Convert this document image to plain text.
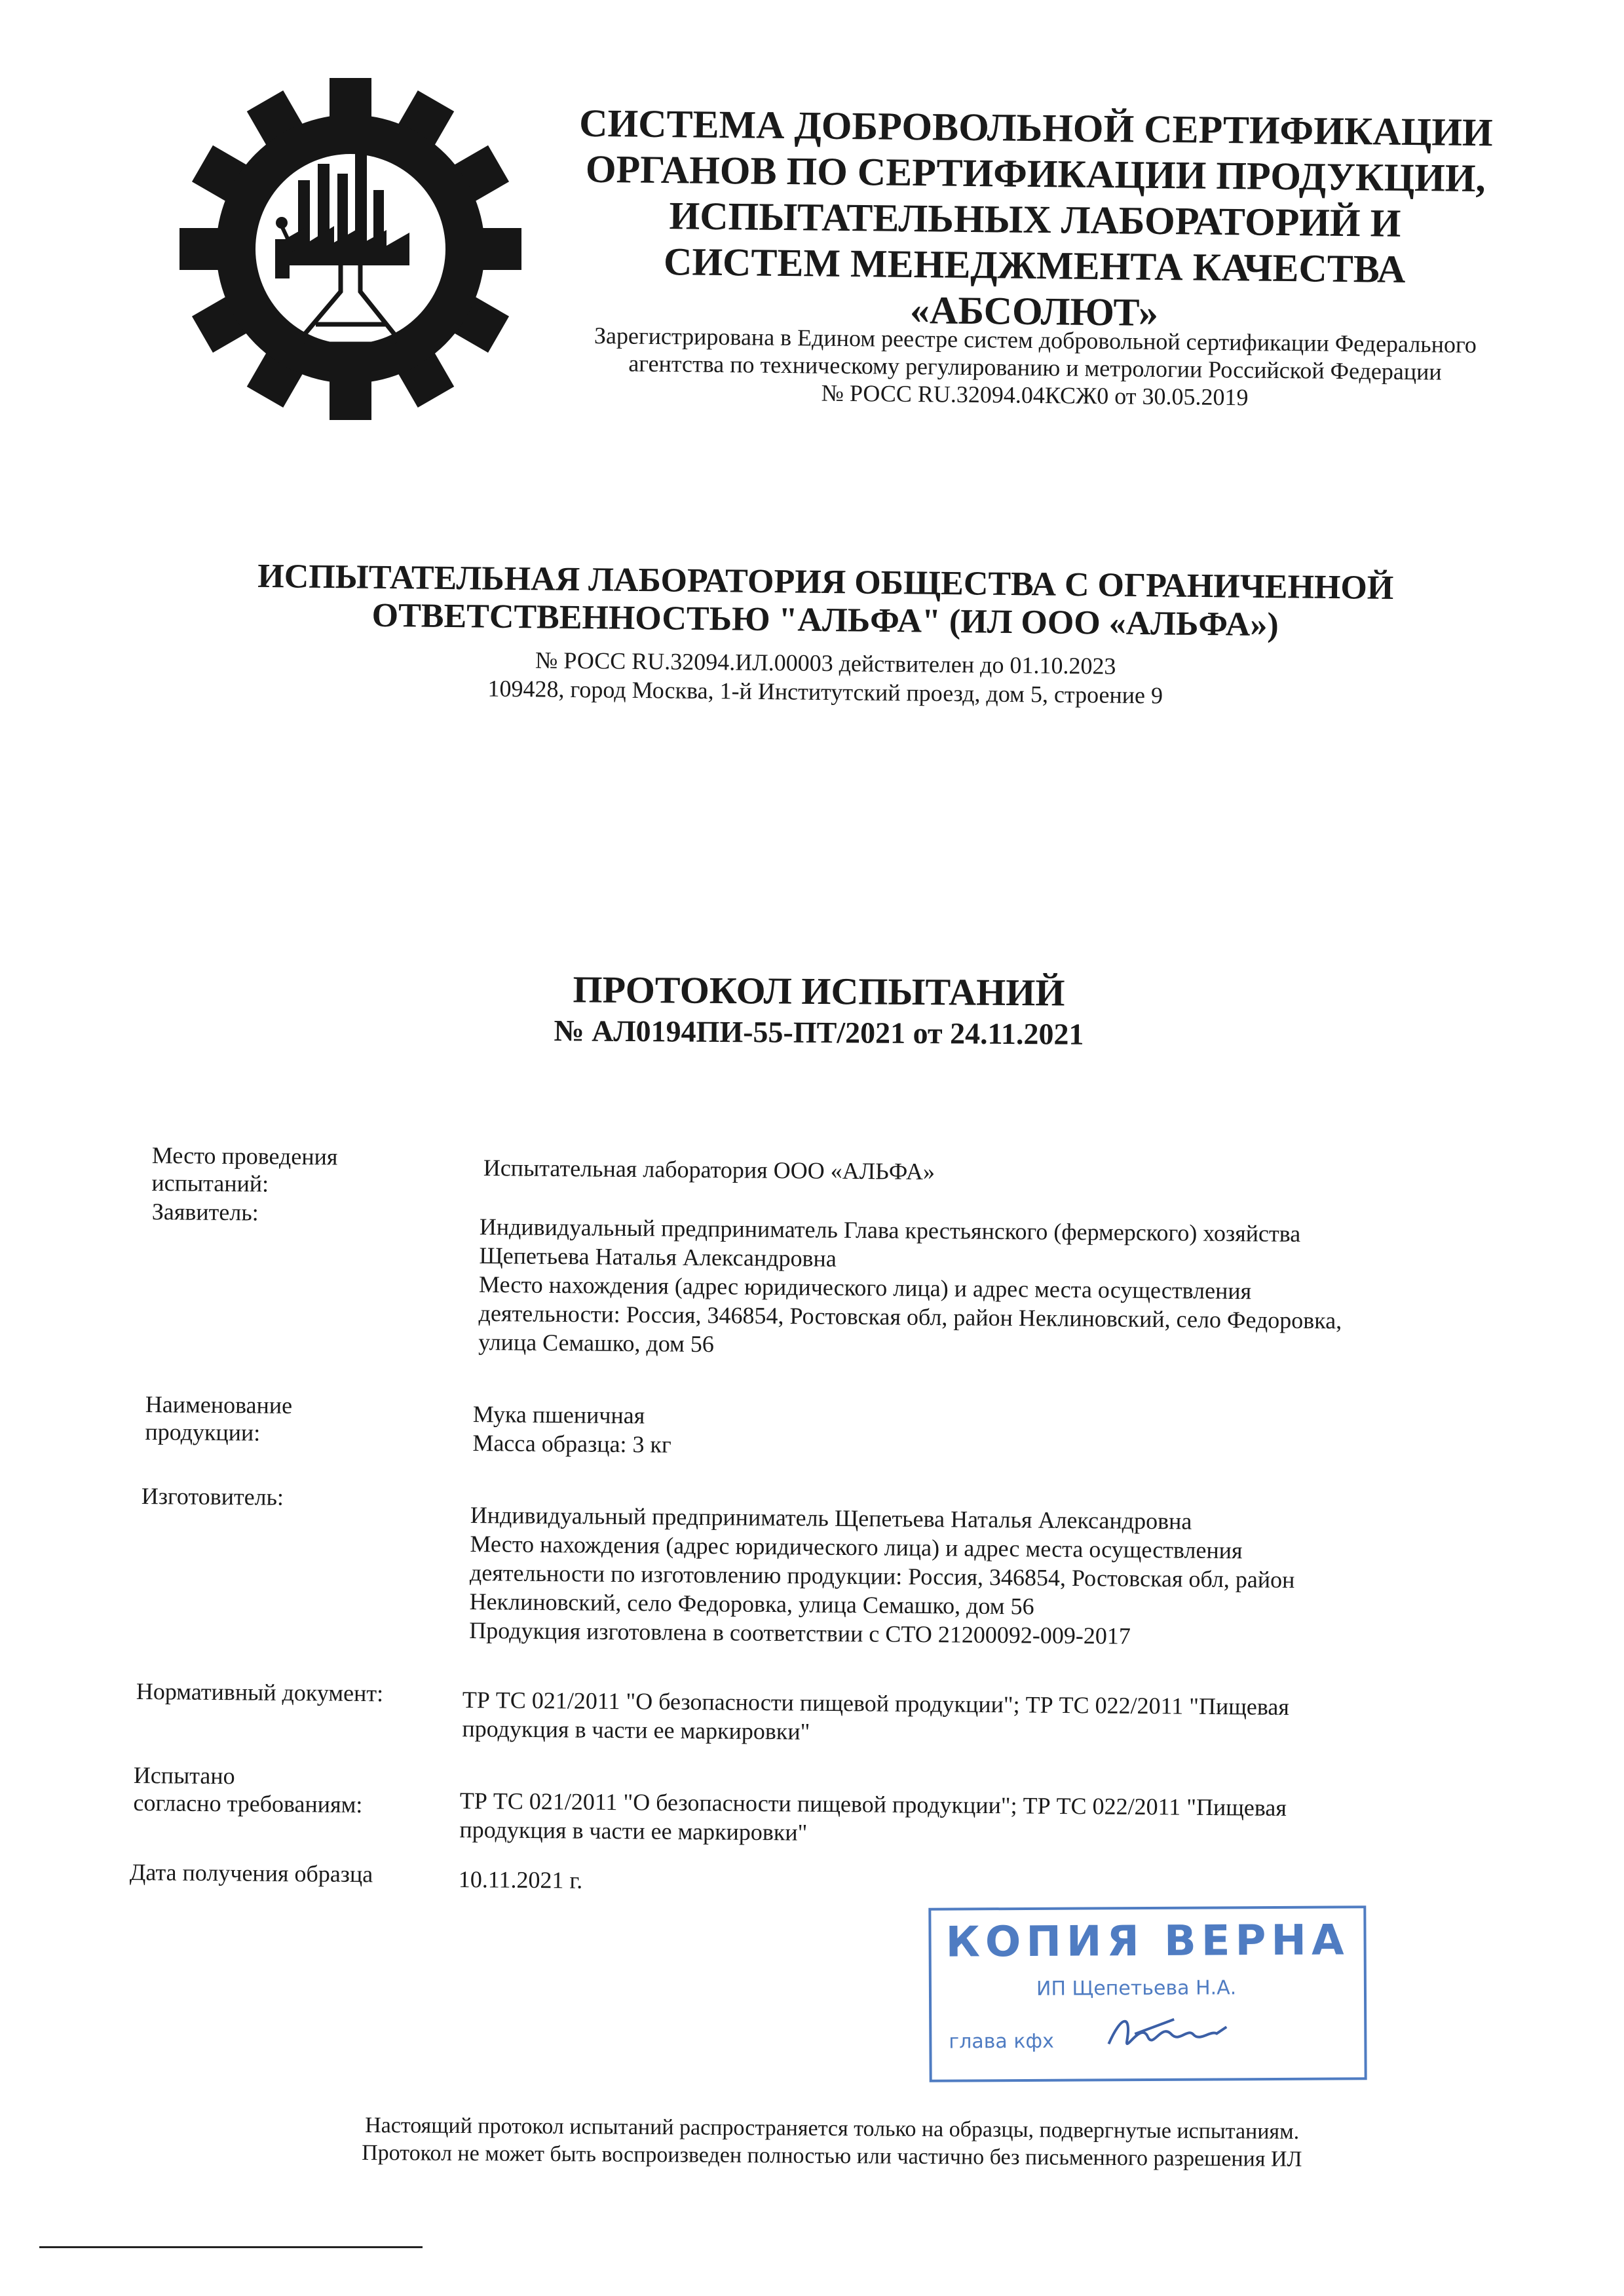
СИСТЕМА ДОБРОВОЛЬНОЙ СЕРТИФИКАЦИИ
ОРГАНОВ ПО СЕРТИФИКАЦИИ ПРОДУКЦИИ,
ИСПЫТАТЕЛЬНЫХ ЛАБОРАТОРИЙ И
СИСТЕМ МЕНЕДЖМЕНТА КАЧЕСТВА
«АБСОЛЮТ»
Зарегистрирована в Едином реестре систем добровольной сертификации Федерального
агентства по техническому регулированию и метрологии Российской Федерации
№ РОСС RU.32094.04КСЖ0 от 30.05.2019
ИСПЫТАТЕЛЬНАЯ ЛАБОРАТОРИЯ ОБЩЕСТВА С ОГРАНИЧЕННОЙ
ОТВЕТСТВЕННОСТЬЮ "АЛЬФА" (ИЛ ООО «АЛЬФА»)
№ РОСС RU.32094.ИЛ.00003 действителен до 01.10.2023
109428, город Москва, 1-й Институтский проезд, дом 5, строение 9
ПРОТОКОЛ ИСПЫТАНИЙ
№ АЛ0194ПИ-55-ПТ/2021 от 24.11.2021
Место проведения
испытаний:	Испытательная лаборатория ООО «АЛЬФА»
Заявитель:
Индивидуальный предприниматель Глава крестьянского (фермерского) хозяйства
Щепетьева Наталья Александровна
Место нахождения (адрес юридического лица) и адрес места осуществления
деятельности: Россия, 346854, Ростовская обл, район Неклиновский, село Федоровка,
улица Семашко, дом 56
Наименование
продукции:
Мука пшеничная
Масса образца: 3 кг
Изготовитель:
Индивидуальный предприниматель Щепетьева Наталья Александровна
Место нахождения (адрес юридического лица) и адрес места осуществления
деятельности по изготовлению продукции: Россия, 346854, Ростовская обл, район
Неклиновский, село Федоровка, улица Семашко, дом 56
Продукция изготовлена в соответствии с СТО 21200092-009-2017
Нормативный документ:	ТР ТС 021/2011 "О безопасности пищевой продукции"; ТР ТС 022/2011 "Пищевая
продукция в части ее маркировки"
Испытано
согласно требованиям:	ТР ТС 021/2011 "О безопасности пищевой продукции"; ТР ТС 022/2011 "Пищевая
продукция в части ее маркировки"
Дата получения образца	10.11.2021 г.
КОПИЯ ВЕРНА
ИП Щепетьева Н.А.
глава кфх
Настоящий протокол испытаний распространяется только на образцы, подвергнутые испытаниям.
Протокол не может быть воспроизведен полностью или частично без письменного разрешения ИЛ
